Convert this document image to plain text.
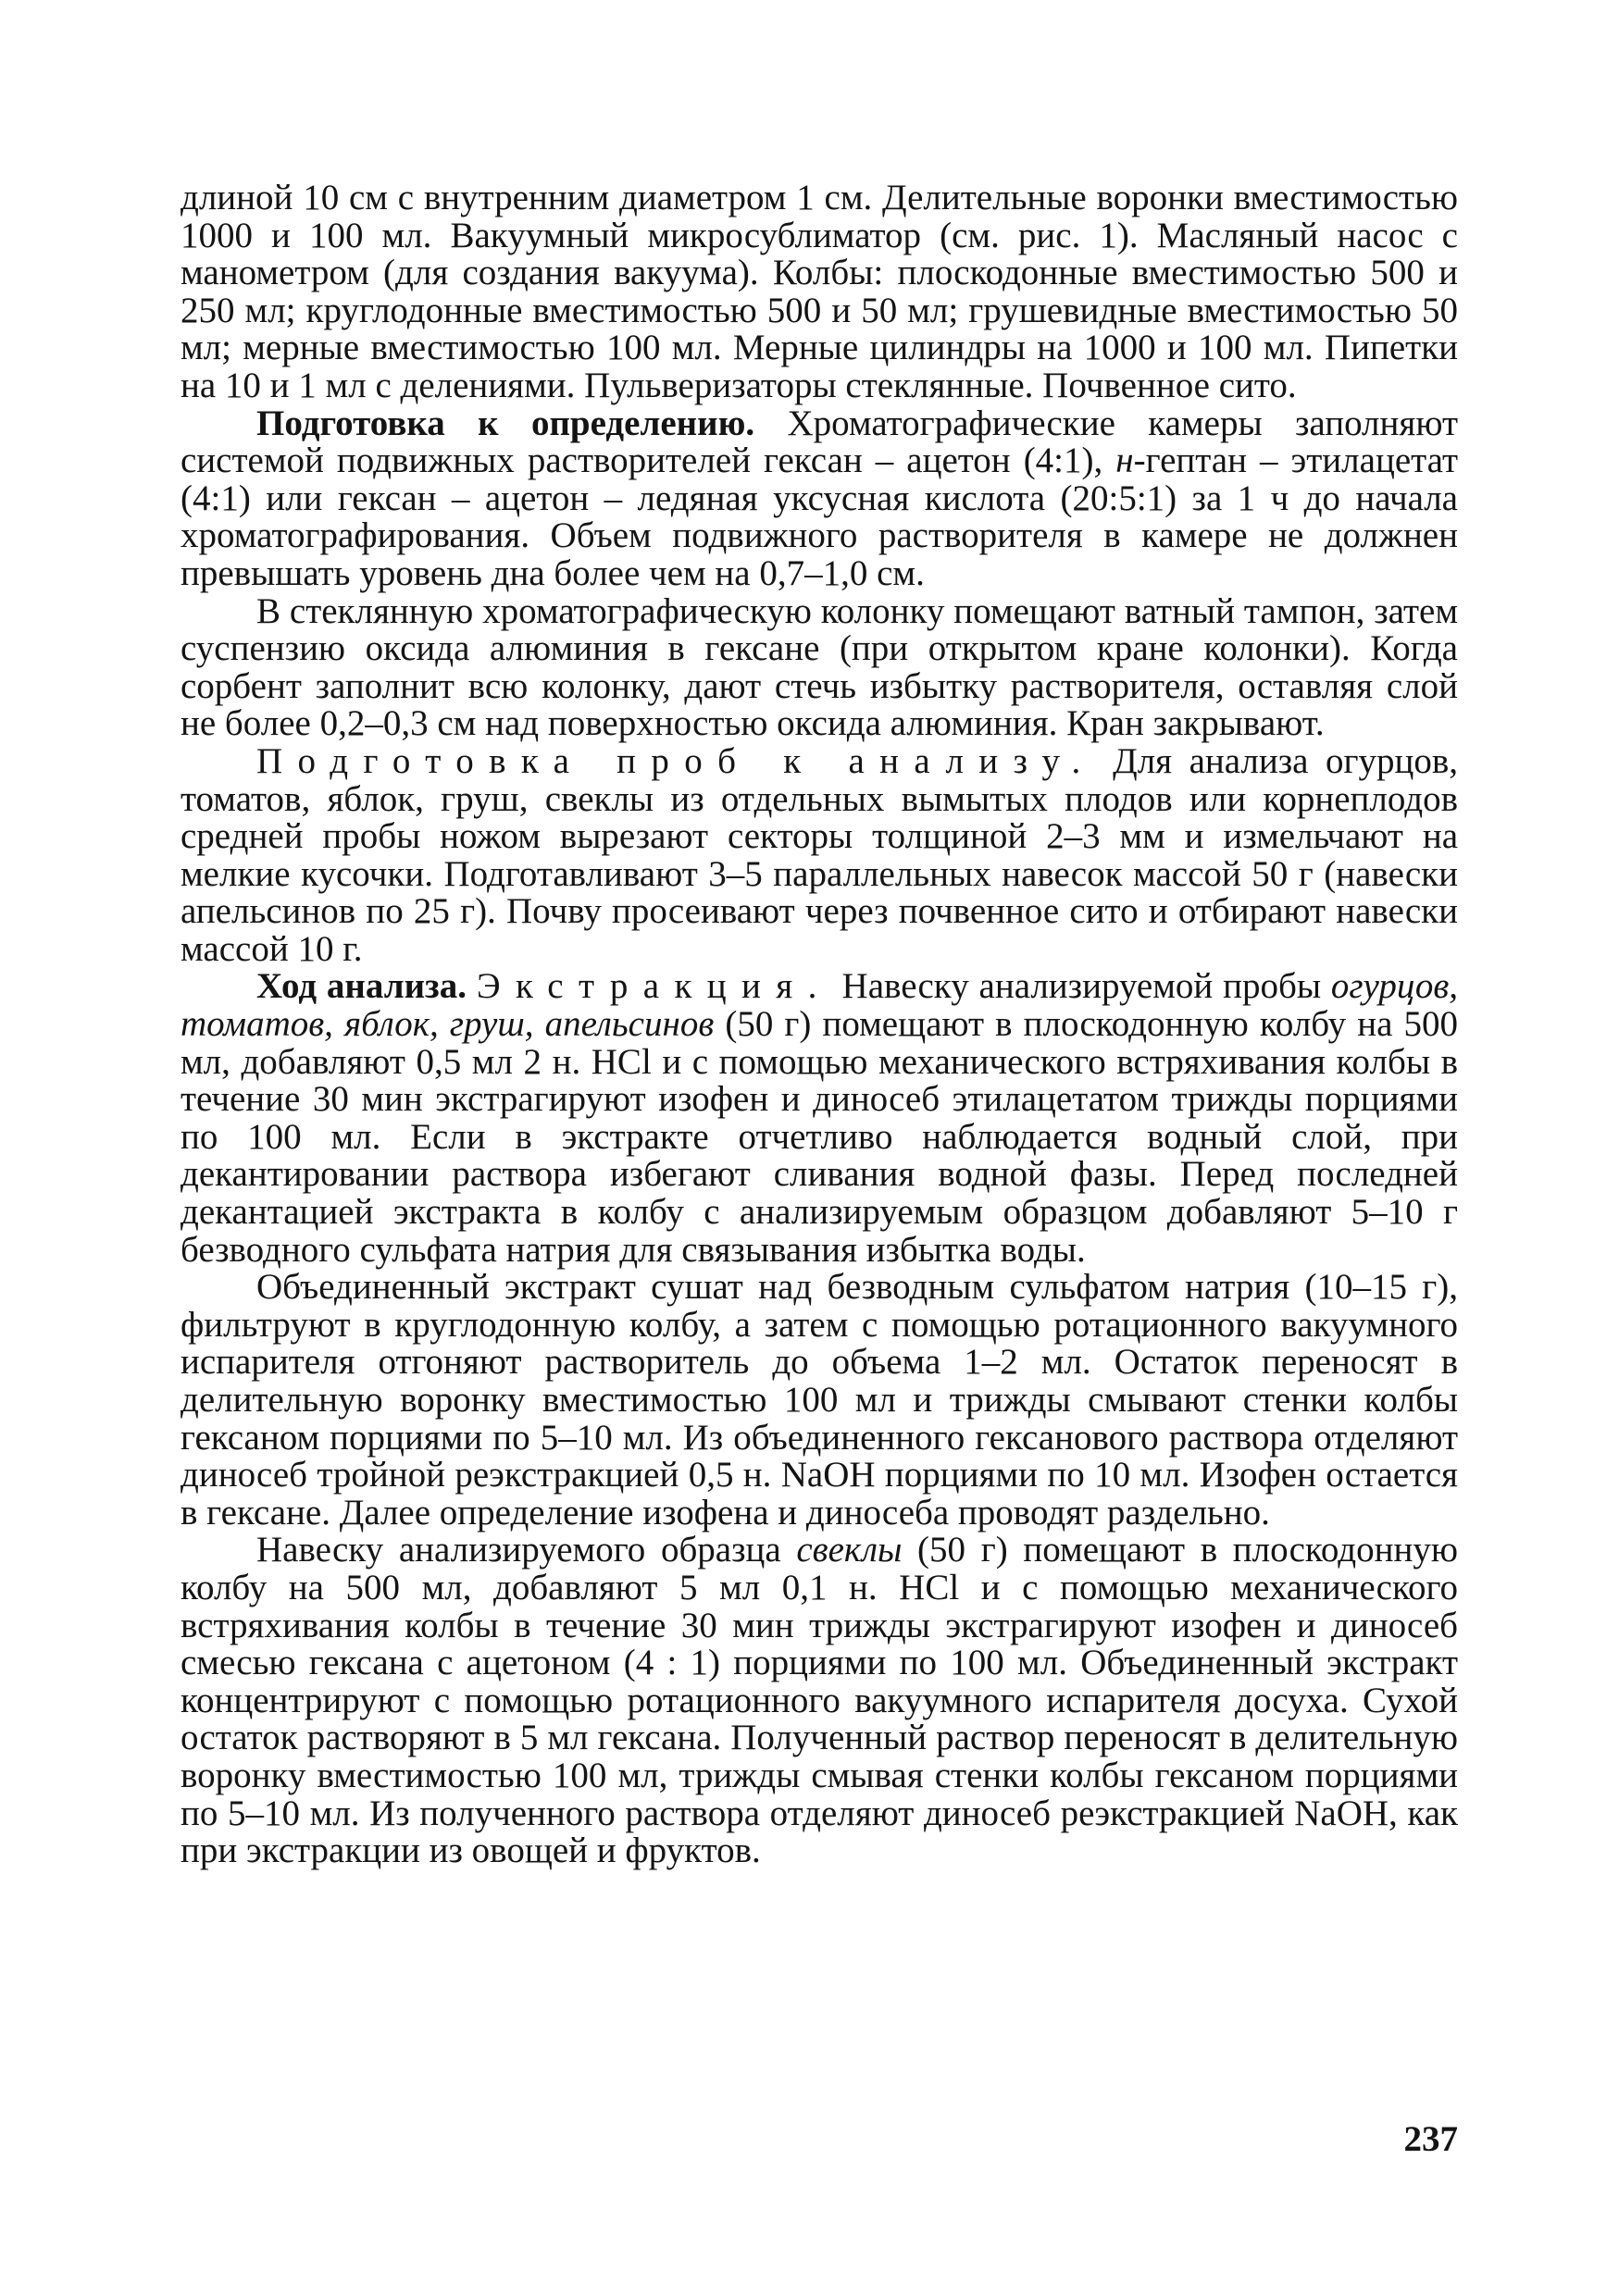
длиной 10 см с внутренним диаметром 1 см. Делительные воронки вместимостью 1000 и 100 мл. Вакуумный микросублиматор (см. рис. 1). Масляный насос с манометром (для создания вакуума). Колбы: плоскодонные вместимостью 500 и 250 мл; круглодонные вместимостью 500 и 50 мл; грушевидные вместимостью 50 мл; мерные вместимостью 100 мл. Мерные цилиндры на 1000 и 100 мл. Пипетки на 10 и 1 мл с делениями. Пульверизаторы стеклянные. Почвенное сито.

Подготовка к определению. Хроматографические камеры заполняют системой подвижных растворителей гексан – ацетон (4:1), н-гептан – этилацетат (4:1) или гексан – ацетон – ледяная уксусная кислота (20:5:1) за 1 ч до начала хроматографирования. Объем подвижного растворителя в камере не должнен превышать уровень дна более чем на 0,7–1,0 см.

В стеклянную хроматографическую колонку помещают ватный тампон, затем суспензию оксида алюминия в гексане (при открытом кране колонки). Когда сорбент заполнит всю колонку, дают стечь избытку растворителя, оставляя слой не более 0,2–0,3 см над поверхностью оксида алюминия. Кран закрывают.

Подготовка проб к анализу. Для анализа огурцов, томатов, яблок, груш, свеклы из отдельных вымытых плодов или корнеплодов средней пробы ножом вырезают секторы толщиной 2–3 мм и измельчают на мелкие кусочки. Подготавливают 3–5 параллельных навесок массой 50 г (навески апельсинов по 25 г). Почву просеивают через почвенное сито и отбирают навески массой 10 г.

Ход анализа. Экстракция. Навеску анализируемой пробы огурцов, томатов, яблок, груш, апельсинов (50 г) помещают в плоскодонную колбу на 500 мл, добавляют 0,5 мл 2 н. HCl и с помощью механического встряхивания колбы в течение 30 мин экстрагируют изофен и диносеб этилацетатом трижды порциями по 100 мл. Если в экстракте отчетливо наблюдается водный слой, при декантировании раствора избегают сливания водной фазы. Перед последней декантацией экстракта в колбу с анализируемым образцом добавляют 5–10 г безводного сульфата натрия для связывания избытка воды.

Объединенный экстракт сушат над безводным сульфатом натрия (10–15 г), фильтруют в круглодонную колбу, а затем с помощью ротационного вакуумного испарителя отгоняют растворитель до объема 1–2 мл. Остаток переносят в делительную воронку вместимостью 100 мл и трижды смывают стенки колбы гексаном порциями по 5–10 мл. Из объединенного гексанового раствора отделяют диносеб тройной реэкстракцией 0,5 н. NaOH порциями по 10 мл. Изофен остается в гексане. Далее определение изофена и диносеба проводят раздельно.

Навеску анализируемого образца свеклы (50 г) помещают в плоскодонную колбу на 500 мл, добавляют 5 мл 0,1 н. HCl и с помощью механического встряхивания колбы в течение 30 мин трижды экстрагируют изофен и диносеб смесью гексана с ацетоном (4 : 1) порциями по 100 мл. Объединенный экстракт концентрируют с помощью ротационного вакуумного испарителя досуха. Сухой остаток растворяют в 5 мл гексана. Полученный раствор переносят в делительную воронку вместимостью 100 мл, трижды смывая стенки колбы гексаном порциями по 5–10 мл. Из полученного раствора отделяют диносеб реэкстракцией NaOH, как при экстракции из овощей и фруктов.

237
